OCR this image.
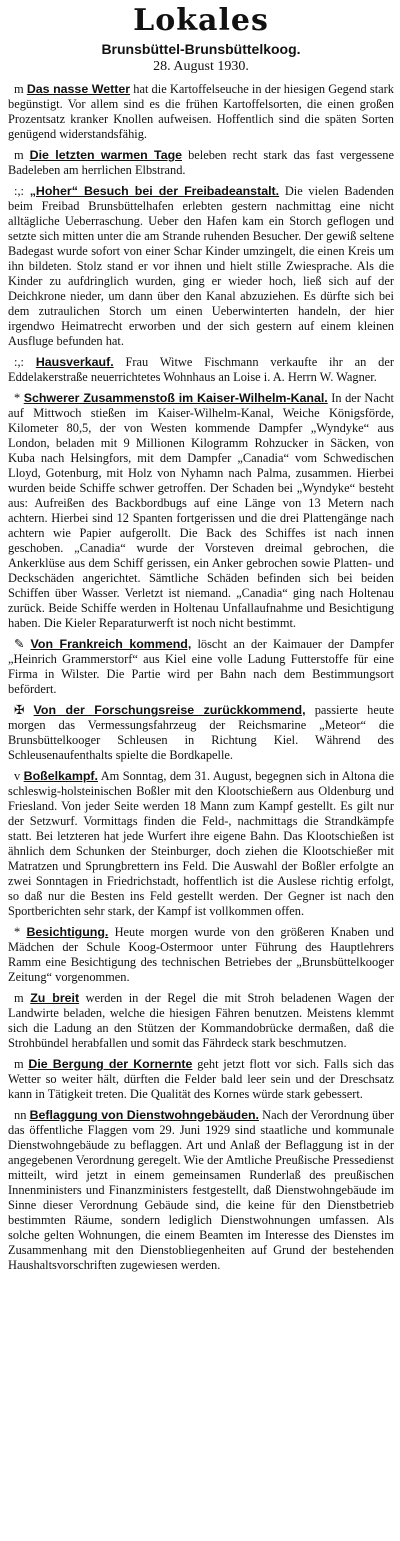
Lokales
Brunsbüttel-Brunsbüttelkoog.
28. August 1930.

m Das nasse Wetter hat die Kartoffelseuche in der hiesigen Gegend stark begünstigt. Vor allem sind es die frühen Kartoffelsorten, die einen großen Prozentsatz kranker Knollen aufweisen. Hoffentlich sind die späten Sorten genügend widerstandsfähig.

m Die letzten warmen Tage beleben recht stark das fast vergessene Badeleben am herrlichen Elbstrand.

:,: „Hoher“ Besuch bei der Freibadeanstalt. Die vielen Badenden beim Freibad Brunsbüttelhafen erlebten gestern nachmittag eine nicht alltägliche Ueberraschung. Ueber den Hafen kam ein Storch geflogen und setzte sich mitten unter die am Strande ruhenden Besucher. Der gewiß seltene Badegast wurde sofort von einer Schar Kinder umzingelt, die einen Kreis um ihn bildeten. Stolz stand er vor ihnen und hielt stille Zwiesprache. Als die Kinder zu aufdringlich wurden, ging er wieder hoch, ließ sich auf der Deichkrone nieder, um dann über den Kanal abzuziehen. Es dürfte sich bei dem zutraulichen Storch um einen Ueberwinterten handeln, der hier irgendwo Heimatrecht erworben und der sich gestern auf einem kleinen Ausfluge befunden hat.

:,: Hausverkauf. Frau Witwe Fischmann verkaufte ihr an der Eddelakerstraße neuerrichtetes Wohnhaus an Loise i. A. Herrn W. Wagner.

* Schwerer Zusammenstoß im Kaiser-Wilhelm-Kanal. In der Nacht auf Mittwoch stießen im Kaiser-Wilhelm-Kanal, Weiche Königsförde, Kilometer 80,5, der von Westen kommende Dampfer „Wyndyke“ aus London, beladen mit 9 Millionen Kilogramm Rohzucker in Säcken, von Kuba nach Helsingfors, mit dem Dampfer „Canadia“ vom Schwedischen Lloyd, Gotenburg, mit Holz von Nyhamn nach Palma, zusammen. Hierbei wurden beide Schiffe schwer getroffen. Der Schaden bei „Wyndyke“ besteht aus: Aufreißen des Backbordbugs auf eine Länge von 13 Metern nach achtern. Hierbei sind 12 Spanten fortgerissen und die drei Plattengänge nach achtern wie Papier aufgerollt. Die Back des Schiffes ist nach innen geschoben. „Canadia“ wurde der Vorsteven dreimal gebrochen, die Ankerklüse aus dem Schiff gerissen, ein Anker gebrochen sowie Platten- und Deckschäden angerichtet. Sämtliche Schäden befinden sich bei beiden Schiffen über Wasser. Verletzt ist niemand. „Canadia“ ging nach Holtenau zurück. Beide Schiffe werden in Holtenau Unfallaufnahme und Besichtigung haben. Die Kieler Reparaturwerft ist noch nicht bestimmt.

✎ Von Frankreich kommend, löscht an der Kaimauer der Dampfer „Heinrich Grammerstorf“ aus Kiel eine volle Ladung Futterstoffe für eine Firma in Wilster. Die Partie wird per Bahn nach dem Bestimmungsort befördert.

✠ Von der Forschungsreise zurückkommend, passierte heute morgen das Vermessungsfahrzeug der Reichsmarine „Meteor“ die Brunsbüttelkooger Schleusen in Richtung Kiel. Während des Schleusenaufenthalts spielte die Bordkapelle.

v Boßelkampf. Am Sonntag, dem 31. August, begegnen sich in Altona die schleswig-holsteinischen Boßler mit den Klootschießern aus Oldenburg und Friesland. Von jeder Seite werden 18 Mann zum Kampf gestellt. Es gilt nur der Setzwurf. Vormittags finden die Feld-, nachmittags die Strandkämpfe statt. Bei letzteren hat jede Wurfert ihre eigene Bahn. Das Klootschießen ist ähnlich dem Schunken der Steinburger, doch ziehen die Klootschießer mit Matratzen und Sprungbrettern ins Feld. Die Auswahl der Boßler erfolgte an zwei Sonntagen in Friedrichstadt, hoffentlich ist die Auslese richtig erfolgt, so daß nur die Besten ins Feld gestellt werden. Der Gegner ist nach den Sportberichten sehr stark, der Kampf ist vollkommen offen.

* Besichtigung. Heute morgen wurde von den größeren Knaben und Mädchen der Schule Koog-Ostermoor unter Führung des Hauptlehrers Ramm eine Besichtigung des technischen Betriebes der „Brunsbüttelkooger Zeitung“ vorgenommen.

m Zu breit werden in der Regel die mit Stroh beladenen Wagen der Landwirte beladen, welche die hiesigen Fähren benutzen. Meistens klemmt sich die Ladung an den Stützen der Kommandobrücke dermaßen, daß die Strohbündel herabfallen und somit das Fährdeck stark beschmutzen.

m Die Bergung der Kornernte geht jetzt flott vor sich. Falls sich das Wetter so weiter hält, dürften die Felder bald leer sein und der Dreschsatz kann in Tätigkeit treten. Die Qualität des Kornes würde stark gebessert.

nn Beflaggung von Dienstwohngebäuden. Nach der Verordnung über das öffentliche Flaggen vom 29. Juni 1929 sind staatliche und kommunale Dienstwohngebäude zu beflaggen. Art und Anlaß der Beflaggung ist in der angegebenen Verordnung geregelt. Wie der Amtliche Preußische Pressedienst mitteilt, wird jetzt in einem gemeinsamen Runderlaß des preußischen Innenministers und Finanzministers festgestellt, daß Dienstwohngebäude im Sinne dieser Verordnung Gebäude sind, die keine für den Dienstbetrieb bestimmten Räume, sondern lediglich Dienstwohnungen umfassen. Als solche gelten Wohnungen, die einem Beamten im Interesse des Dienstes im Zusammenhang mit den Dienstobliegenheiten auf Grund der bestehenden Haushaltsvorschriften zugewiesen werden.
